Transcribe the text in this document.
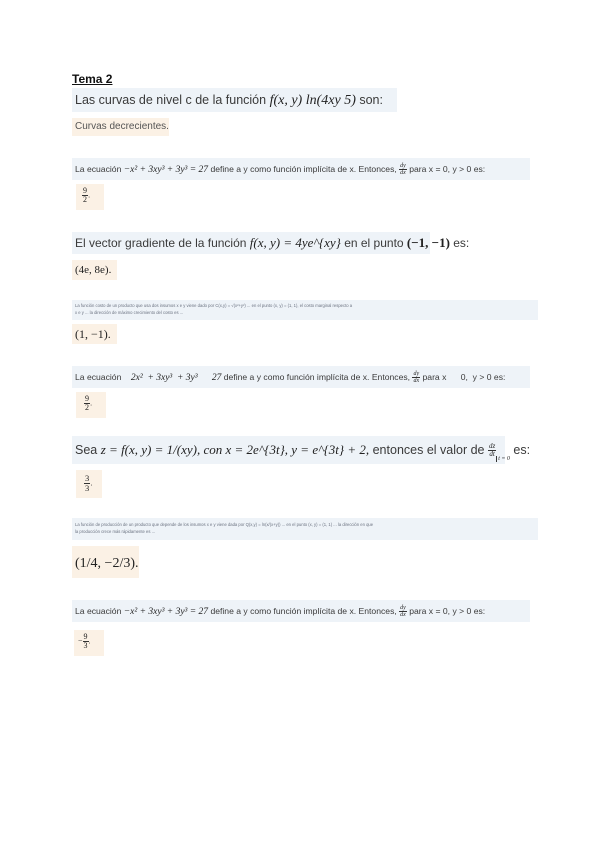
Tema 2
Las curvas de nivel c de la función f(x, y) ln(4xy 5) son:
Curvas decrecientes.
La ecuación −x² + 3xy³ + 3y³ = 27 define a y como función implícita de x. Entonces, $\frac{dy}{dx}$ para x = 0, y > 0 es:
$\frac{9}{2}$ .
El vector gradiente de la función f(x, y) = 4ye^{xy} en el punto (−1, −1) es:
(4e, 8e).
La función costo de un producto que usa dos insumos x e y viene dado por C(x,y) = √(x²+y²) ... en el punto (x, y) = (1, 1), el costo marginal respecto a
x e y ... la dirección de máximo crecimiento del costo es ...
(1, −1).
La ecuación    2x²  + 3xy³  + 3y³      27 define a y como función implícita de x. Entonces, $\frac{dy}{dx}$ para x      0,  y > 0 es:
$\frac{9}{2}$ .
Sea z = f(x, y) = 1/(xy), con x = 2e^{3t}, y = e^{3t} + 2, entonces el valor de $\frac{dz}{dt}$
$_{t = 0}$ es:
$\frac{3}{3}$ .
La función de producción de un producto que depende de los insumos x e y viene dada por Q(x,y) = ln(x/(x+y)) ... en el punto (x, y) = (1, 1) ... la dirección en que
la producción crece más rápidamente es ...
(1/4, −2/3).
La ecuación −x² + 3xy³ + 3y³ = 27 define a y como función implícita de x. Entonces, $\frac{dy}{dx}$ para x = 0, y > 0 es:
− $\frac{9}{3}$ .
